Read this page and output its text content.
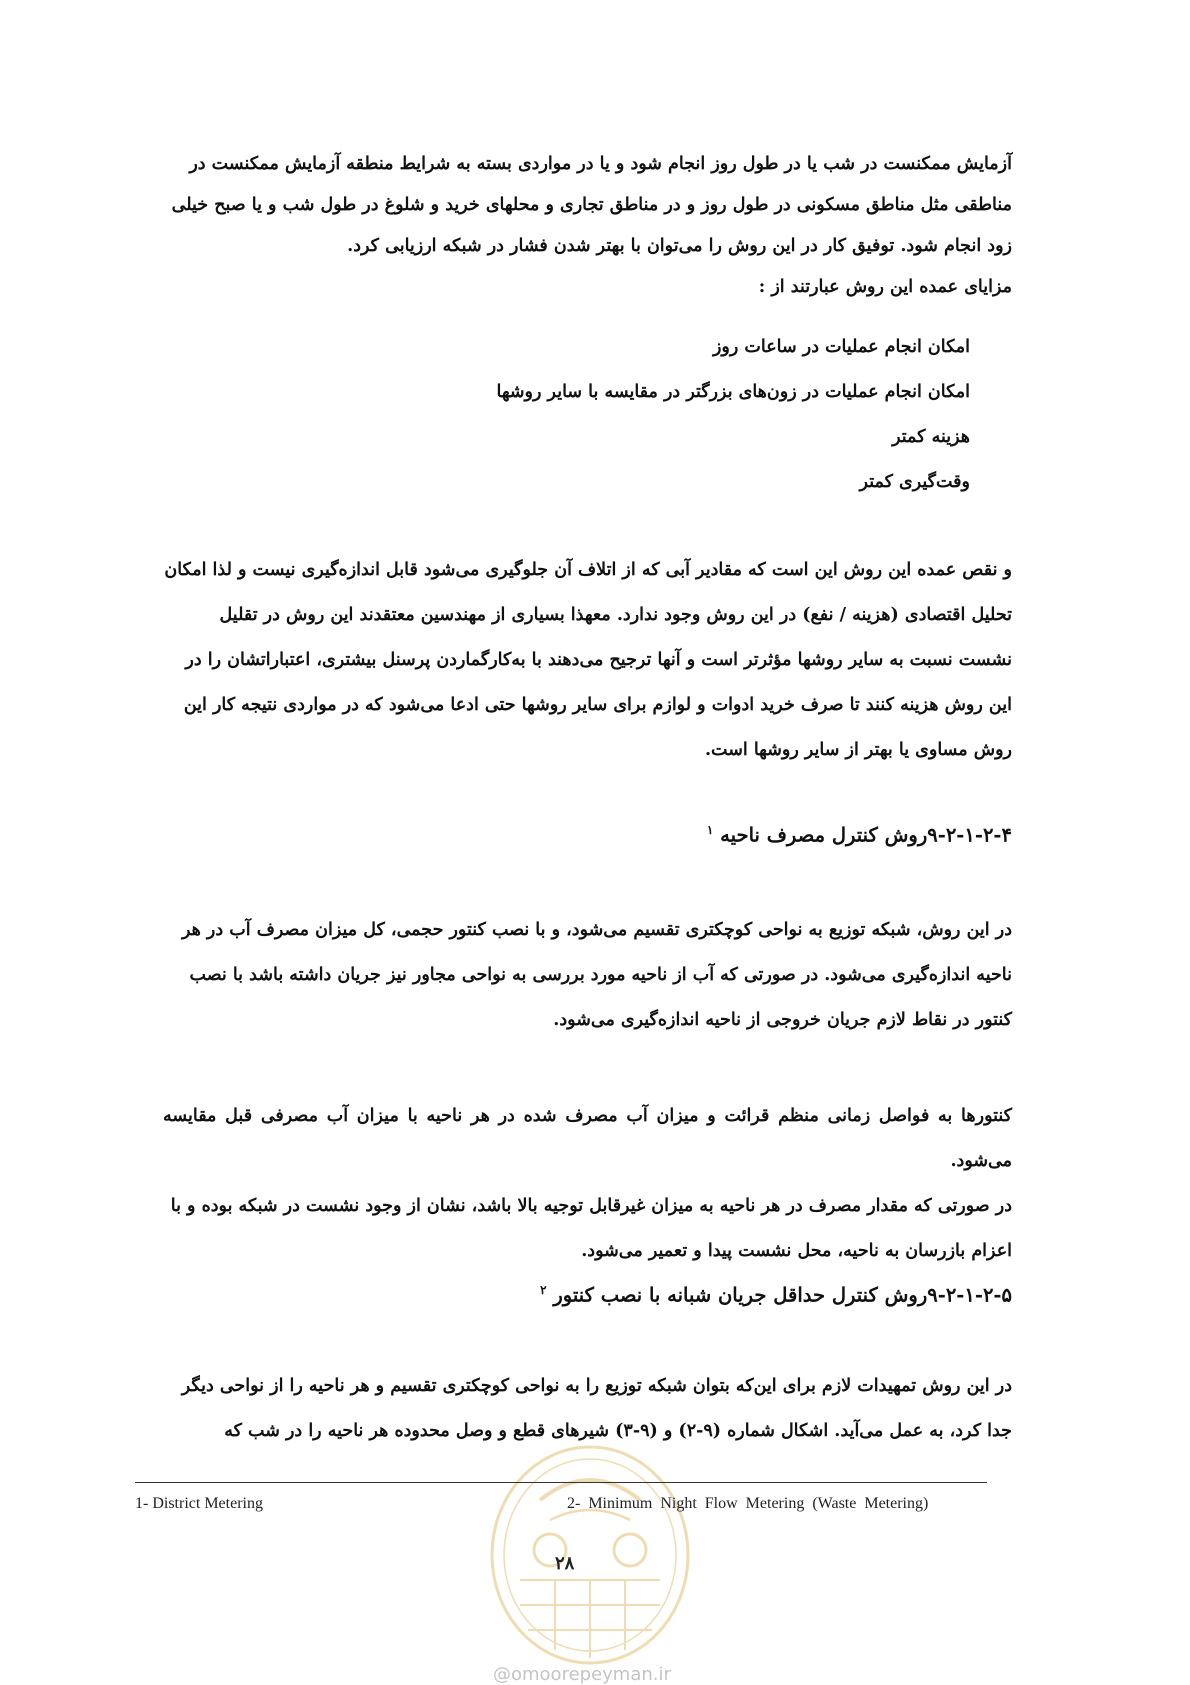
آزمایش ممکنست در شب یا در طول روز انجام شود و یا در مواردی بسته به شرایط منطقه آزمایش ممکنست در

مناطقی مثل مناطق مسکونی در طول روز و در مناطق تجاری و محلهای خرید و شلوغ در طول شب و یا صبح خیلی

زود انجام شود. توفیق کار در این روش را می‌توان با بهتر شدن فشار در شبکه ارزیابی کرد.

مزایای عمده این روش عبارتند از :

امکان انجام عملیات در ساعات روز
امکان انجام عملیات در زون‌های بزرگتر در مقایسه با سایر روشها
هزینه کمتر
وقت‌گیری کمتر

و نقص عمده این روش این است که مقادیر آبی که از اتلاف آن جلوگیری می‌شود قابل اندازه‌گیری نیست و لذا امکان

تحلیل اقتصادی (هزینه / نفع) در این روش وجود ندارد. معهذا بسیاری از مهندسین معتقدند این روش در تقلیل

نشست نسبت به سایر روشها مؤثرتر است و آنها ترجیح می‌دهند با به‌کارگماردن پرسنل بیشتری، اعتباراتشان را در

این روش هزینه کنند تا صرف خرید ادوات و لوازم برای سایر روشها حتی ادعا می‌شود که در مواردی نتیجه کار این

روش مساوی یا بهتر از سایر روشها است.

۹-۲-۱-۲-۴روش کنترل مصرف ناحیه $^۱$

در این روش، شبکه توزیع به نواحی کوچکتری تقسیم می‌شود، و با نصب کنتور حجمی، کل میزان مصرف آب در هر

ناحیه اندازه‌گیری می‌شود. در صورتی که آب از ناحیه مورد بررسی به نواحی مجاور نیز جریان داشته باشد با نصب

کنتور در نقاط لازم جریان خروجی از ناحیه اندازه‌گیری می‌شود.

کنتورها به فواصل زمانی منظم قرائت و میزان آب مصرف شده در هر ناحیه با میزان آب مصرفی قبل مقایسه می‌شود.

در صورتی که مقدار مصرف در هر ناحیه به میزان غیرقابل توجیه بالا باشد، نشان از وجود نشست در شبکه بوده و با

اعزام بازرسان به ناحیه، محل نشست پیدا و تعمیر می‌شود.

۹-۲-۱-۲-۵روش کنترل حداقل جریان شبانه با نصب کنتور $^۲$

در این روش تمهیدات لازم برای این‌که بتوان شبکه توزیع را به نواحی کوچکتری تقسیم و هر ناحیه را از نواحی دیگر

جدا کرد، به عمل می‌آید. اشکال شماره (۹-۲) و (۹-۳) شیرهای قطع و وصل محدوده هر ناحیه را در شب که

1- District Metering	2- Minimum Night Flow Metering (Waste Metering)
۲۸
@omoorepeyman.ir
